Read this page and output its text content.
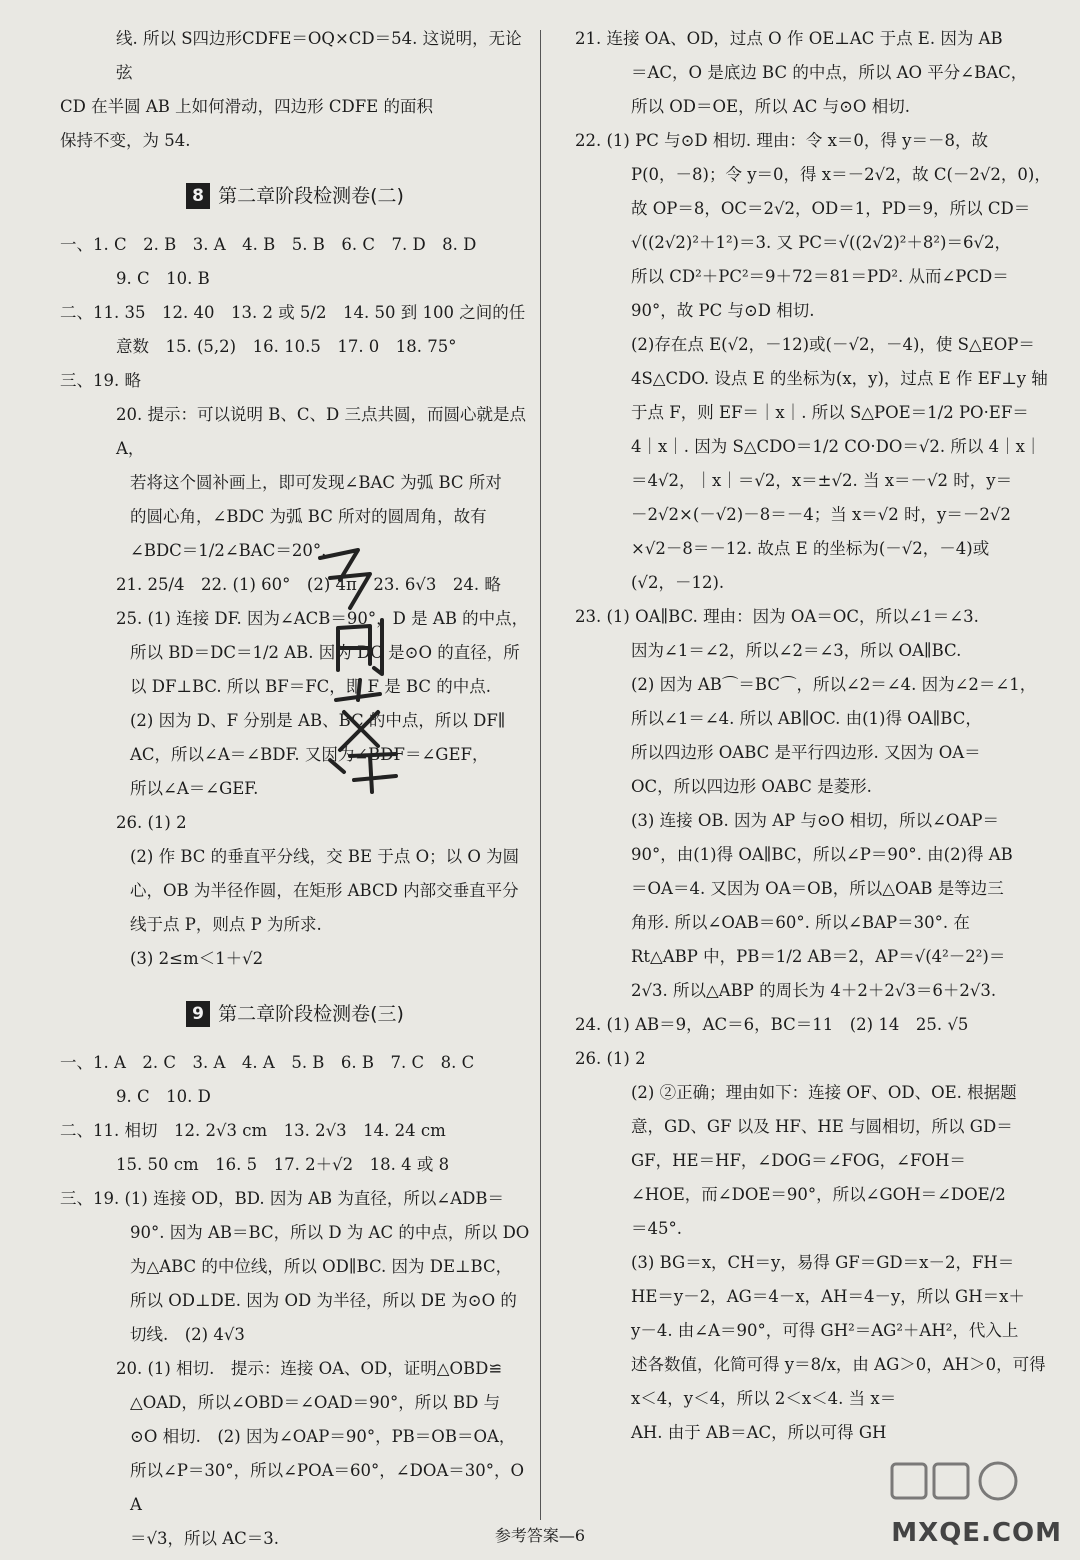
线. 所以 S四边形CDFE＝OQ×CD＝54. 这说明，无论弦
CD 在半圆 AB 上如何滑动，四边形 CDFE 的面积
保持不变，为 54.
8 第二章阶段检测卷(二)
一、1. C　2. B　3. A　4. B　5. B　6. C　7. D　8. D
9. C　10. B
二、11. 35　12. 40　13. 2 或 5/2　14. 50 到 100 之间的任
意数　15. (5,2)　16. 10.5　17. 0　18. 75°
三、19. 略
20. 提示：可以说明 B、C、D 三点共圆，而圆心就是点 A，
若将这个圆补画上，即可发现∠BAC 为弧 BC 所对
的圆心角，∠BDC 为弧 BC 所对的圆周角，故有
∠BDC＝1/2∠BAC＝20°.
21. 25/4　22. (1) 60°　(2) 4π　23. 6√3　24. 略
25. (1) 连接 DF. 因为∠ACB＝90°，D 是 AB 的中点，
所以 BD＝DC＝1/2 AB. 因为 DC 是⊙O 的直径，所
以 DF⊥BC. 所以 BF＝FC，即 F 是 BC 的中点.
(2) 因为 D、F 分别是 AB、BC 的中点，所以 DF∥
AC，所以∠A＝∠BDF. 又因为∠BDF＝∠GEF，
所以∠A＝∠GEF.
26. (1) 2
(2) 作 BC 的垂直平分线，交 BE 于点 O；以 O 为圆
心，OB 为半径作圆，在矩形 ABCD 内部交垂直平分
线于点 P，则点 P 为所求.
(3) 2≤m＜1＋√2
9 第二章阶段检测卷(三)
一、1. A　2. C　3. A　4. A　5. B　6. B　7. C　8. C
9. C　10. D
二、11. 相切　12. 2√3 cm　13. 2√3　14. 24 cm
15. 50 cm　16. 5　17. 2＋√2　18. 4 或 8
三、19. (1) 连接 OD，BD. 因为 AB 为直径，所以∠ADB＝
90°. 因为 AB＝BC，所以 D 为 AC 的中点，所以 DO
为△ABC 的中位线，所以 OD∥BC. 因为 DE⊥BC，
所以 OD⊥DE. 因为 OD 为半径，所以 DE 为⊙O 的
切线.　(2) 4√3
20. (1) 相切.　提示：连接 OA、OD，证明△OBD≌
△OAD，所以∠OBD＝∠OAD＝90°，所以 BD 与
⊙O 相切.　(2) 因为∠OAP＝90°，PB＝OB＝OA，
所以∠P＝30°，所以∠POA＝60°，∠DOA＝30°，OA
＝√3，所以 AC＝3.
21. 连接 OA、OD，过点 O 作 OE⊥AC 于点 E. 因为 AB
＝AC，O 是底边 BC 的中点，所以 AO 平分∠BAC，
所以 OD＝OE，所以 AC 与⊙O 相切.
22. (1) PC 与⊙D 相切. 理由：令 x＝0，得 y＝－8，故
P(0，－8)；令 y＝0，得 x＝－2√2，故 C(－2√2，0)，
故 OP＝8，OC＝2√2，OD＝1，PD＝9，所以 CD＝
√((2√2)²＋1²)＝3. 又 PC＝√((2√2)²＋8²)＝6√2，
所以 CD²＋PC²＝9＋72＝81＝PD². 从而∠PCD＝
90°，故 PC 与⊙D 相切.
(2)存在点 E(√2，－12)或(－√2，－4)，使 S△EOP＝
4S△CDO. 设点 E 的坐标为(x，y)，过点 E 作 EF⊥y 轴
于点 F，则 EF＝｜x｜. 所以 S△POE＝1/2 PO·EF＝
4｜x｜. 因为 S△CDO＝1/2 CO·DO＝√2. 所以 4｜x｜
＝4√2，｜x｜＝√2，x＝±√2. 当 x＝－√2 时，y＝
－2√2×(－√2)－8＝－4；当 x＝√2 时，y＝－2√2
×√2－8＝－12. 故点 E 的坐标为(－√2，－4)或
(√2，－12).
23. (1) OA∥BC. 理由：因为 OA＝OC，所以∠1＝∠3.
因为∠1＝∠2，所以∠2＝∠3，所以 OA∥BC.
(2) 因为 AB⌒＝BC⌒，所以∠2＝∠4. 因为∠2＝∠1，
所以∠1＝∠4. 所以 AB∥OC. 由(1)得 OA∥BC，
所以四边形 OABC 是平行四边形. 又因为 OA＝
OC，所以四边形 OABC 是菱形.
(3) 连接 OB. 因为 AP 与⊙O 相切，所以∠OAP＝
90°，由(1)得 OA∥BC，所以∠P＝90°. 由(2)得 AB
＝OA＝4. 又因为 OA＝OB，所以△OAB 是等边三
角形. 所以∠OAB＝60°. 所以∠BAP＝30°. 在
Rt△ABP 中，PB＝1/2 AB＝2，AP＝√(4²－2²)＝
2√3. 所以△ABP 的周长为 4＋2＋2√3＝6＋2√3.
24. (1) AB＝9，AC＝6，BC＝11　(2) 14　25. √5
26. (1) 2
(2) ②正确；理由如下：连接 OF、OD、OE. 根据题
意，GD、GF 以及 HF、HE 与圆相切，所以 GD＝
GF，HE＝HF，∠DOG＝∠FOG，∠FOH＝
∠HOE，而∠DOE＝90°，所以∠GOH＝∠DOE/2
＝45°.
(3) BG＝x，CH＝y，易得 GF＝GD＝x－2，FH＝
HE＝y－2，AG＝4－x，AH＝4－y，所以 GH＝x＋
y－4. 由∠A＝90°，可得 GH²＝AG²＋AH²，代入上
述各数值，化简可得 y＝8/x，由 AG＞0，AH＞0，可得
x＜4，y＜4，所以 2＜x＜4. 当 x＝
AH. 由于 AB＝AC，所以可得 GH
MXQE.COM
参考答案—6
